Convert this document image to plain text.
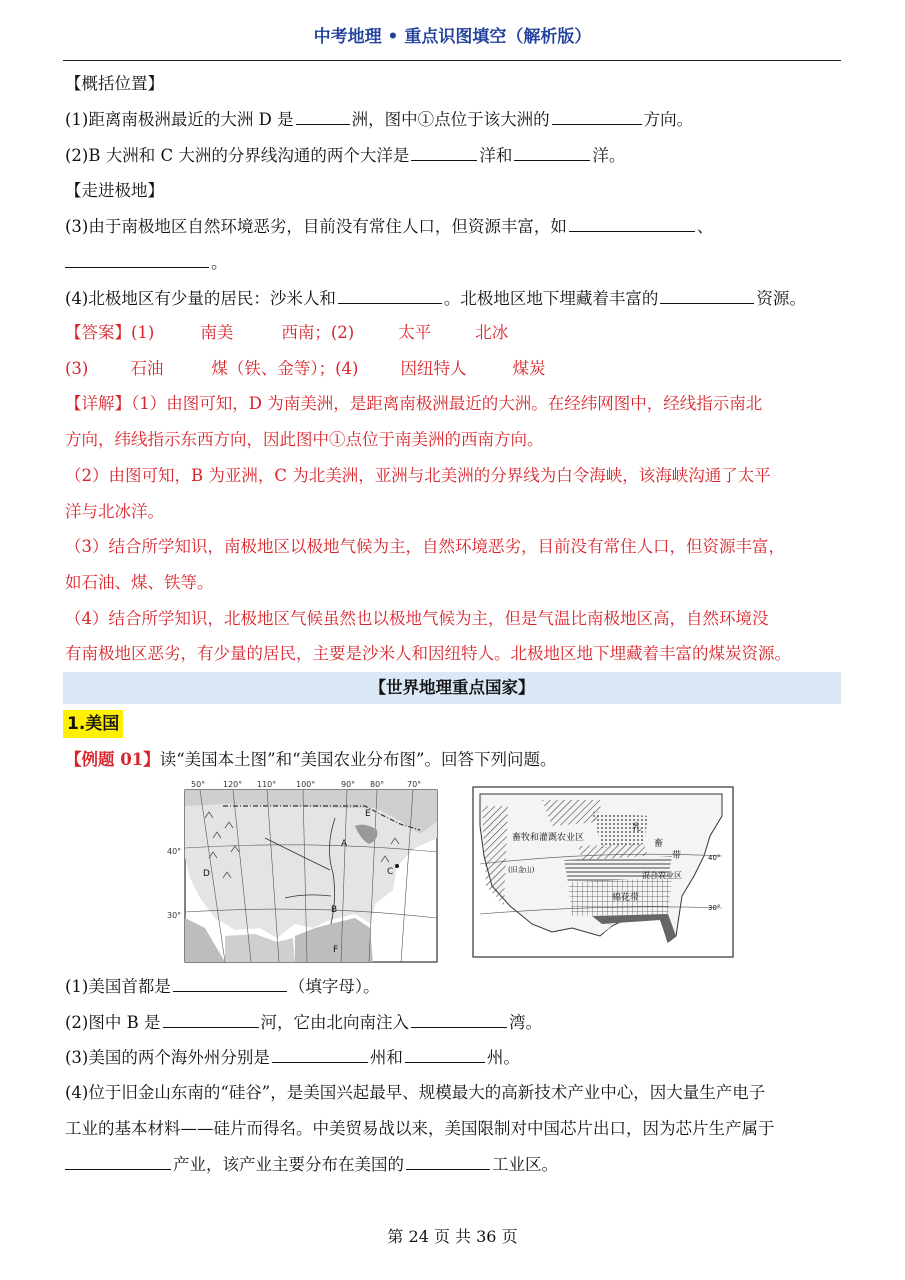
中考地理 • 重点识图填空（解析版）
【概括位置】
(1)距离南极洲最近的大洲 D 是	洲，图中①点位于该大洲的	方向。
(2)B 大洲和 C 大洲的分界线沟通的两个大洋是	洋和	洋。
【走进极地】
(3)由于南极地区自然环境恶劣，目前没有常住人口，但资源丰富，如	、
。
(4)北极地区有少量的居民：沙米人和	。北极地区地下埋藏着丰富的	资源。
【答案】(1)	南美	西南；(2)	太平	北冰
(3)	石油	煤（铁、金等）；(4)	因纽特人	煤炭
【详解】（1）由图可知，D 为南美洲，是距离南极洲最近的大洲。在经纬网图中，经线指示南北
方向，纬线指示东西方向，因此图中①点位于南美洲的西南方向。
（2）由图可知，B 为亚洲，C 为北美洲，亚洲与北美洲的分界线为白令海峡，该海峡沟通了太平
洋与北冰洋。
（3）结合所学知识，南极地区以极地气候为主，自然环境恶劣，目前没有常住人口，但资源丰富，
如石油、煤、铁等。
（4）结合所学知识，北极地区气候虽然也以极地气候为主，但是气温比南极地区高，自然环境没
有南极地区恶劣，有少量的居民，主要是沙米人和因纽特人。北极地区地下埋藏着丰富的煤炭资源。
【世界地理重点国家】
1.美国
【例题 01】读“美国本土图”和“美国农业分布图”。回答下列问题。
50° 120° 110° 100°	90° 80°	70°
40°
30°
E
A
C
D
B
F
乳
畜牧和灌溉农业区
畜
带
混合农业区
棉花带
亚热带作物带
(旧金山)
40°
30°
(1)美国首都是	（填字母）。
(2)图中 B 是	河，它由北向南注入	湾。
(3)美国的两个海外州分别是	州和	州。
(4)位于旧金山东南的“硅谷”，是美国兴起最早、规模最大的高新技术产业中心，因大量生产电子
工业的基本材料——硅片而得名。中美贸易战以来，美国限制对中国芯片出口，因为芯片生产属于
产业，该产业主要分布在美国的	工业区。
第 24 页 共 36 页
